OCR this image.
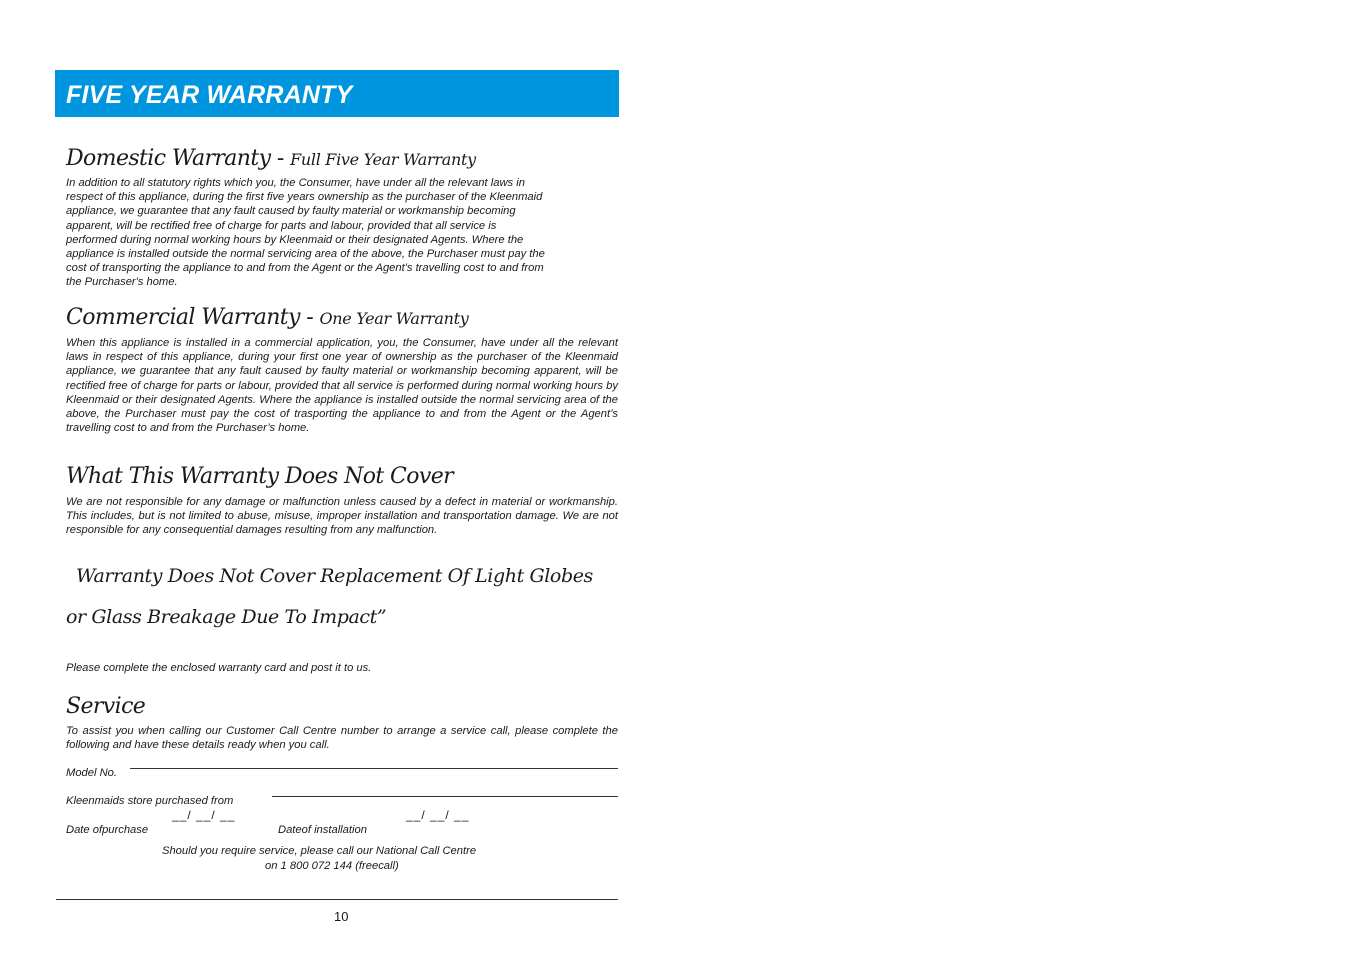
FIVE YEAR WARRANTY
Domestic Warranty - Full Five Year Warranty

In addition to all statutory rights which you, the Consumer, have under all the relevant laws in
respect of this appliance, during the first five years ownership as the purchaser of the Kleenmaid
appliance, we guarantee that any fault caused by faulty material or workmanship becoming
apparent, will be rectified free of charge for parts and labour, provided that all service is
performed during normal working hours by Kleenmaid or their designated Agents. Where the
appliance is installed outside the normal servicing area of the above, the Purchaser must pay the
cost of transporting the appliance to and from the Agent or the Agent's travelling cost to and from
the Purchaser's home.

Commercial Warranty - One Year Warranty

When this appliance is installed in a commercial application, you, the Consumer, have under all the relevant laws in respect of this appliance, during your first one year of ownership as the purchaser of the Kleenmaid appliance, we guarantee that any fault caused by faulty material or workmanship becoming apparent, will be rectified free of charge for parts or labour, provided that all service is performed during normal working hours by Kleenmaid or their designated Agents. Where the appliance is installed outside the normal servicing area of the above, the Purchaser must pay the cost of trasporting the appliance to and from the Agent or the Agent’s travelling cost to and from the Purchaser’s home.

What This Warranty Does Not Cover

We are not responsible for any damage or malfunction unless caused by a defect in material or workmanship. This includes, but is not limited to abuse, misuse, improper installation and transportation damage. We are not responsible for any consequential damages resulting from any malfunction.

Warranty Does Not Cover Replacement Of Light Globes

or Glass Breakage Due To Impact”

Please complete the enclosed warranty card and post it to us.

Service

To assist you when calling our Customer Call Centre number to arrange a service call, please complete the following and have these details ready when you call.

Model No.
Kleenmaids store purchased from
Date ofpurchase
__/ __/ __
Dateof installation
__/ __/ __

Should you require service, please call our National Call Centre

on 1 800 072 144 (freecall)

10
